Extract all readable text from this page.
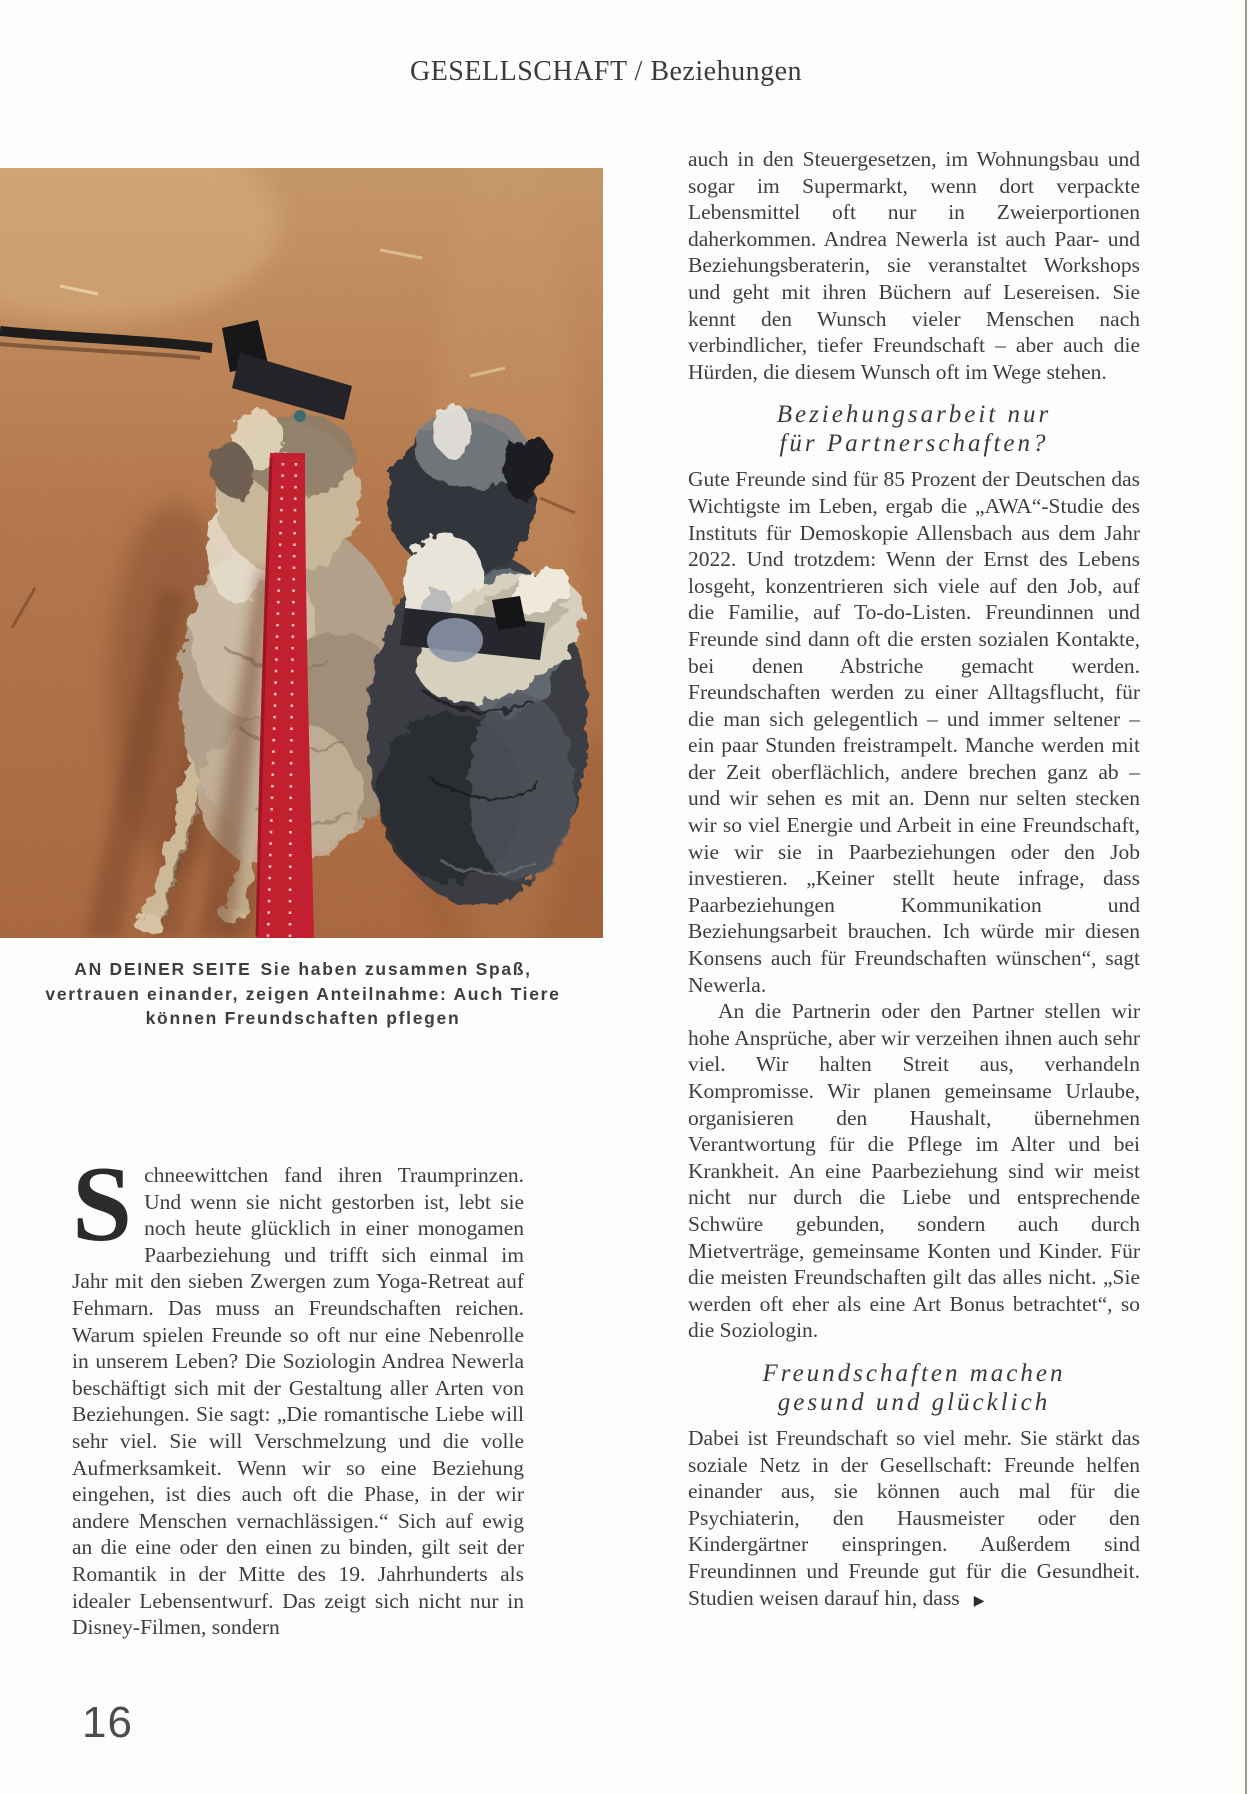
GESELLSCHAFT / Beziehungen
AN DEINER SEITE Sie haben zusammen Spaß, vertrauen einander, zeigen Anteilnahme: Auch Tiere können Freundschaften pflegen

Schneewittchen fand ihren Traumprinzen. Und wenn sie nicht gestorben ist, lebt sie noch heute glücklich in einer monogamen Paarbeziehung und trifft sich einmal im Jahr mit den sieben Zwergen zum Yoga-Retreat auf Fehmarn. Das muss an Freundschaften reichen. Warum spielen Freunde so oft nur eine Nebenrolle in unserem Leben? Die Soziologin Andrea Newerla beschäftigt sich mit der Gestaltung aller Arten von Beziehungen. Sie sagt: „Die romantische Liebe will sehr viel. Sie will Verschmelzung und die volle Aufmerksamkeit. Wenn wir so eine Beziehung eingehen, ist dies auch oft die Phase, in der wir andere Menschen vernachlässigen.“ Sich auf ewig an die eine oder den einen zu binden, gilt seit der Romantik in der Mitte des 19. Jahrhunderts als idealer Lebensentwurf. Das zeigt sich nicht nur in Disney-Filmen, sondern

auch in den Steuergesetzen, im Wohnungsbau und sogar im Supermarkt, wenn dort verpackte Lebensmittel oft nur in Zweierportionen daherkommen. Andrea Newerla ist auch Paar- und Beziehungsberaterin, sie veranstaltet Workshops und geht mit ihren Büchern auf Lesereisen. Sie kennt den Wunsch vieler Menschen nach verbindlicher, tiefer Freundschaft – aber auch die Hürden, die diesem Wunsch oft im Wege stehen.

Beziehungsarbeit nur
für Partnerschaften?

Gute Freunde sind für 85 Prozent der Deutschen das Wichtigste im Leben, ergab die „AWA“-Studie des Instituts für Demoskopie Allensbach aus dem Jahr 2022. Und trotzdem: Wenn der Ernst des Lebens losgeht, konzentrieren sich viele auf den Job, auf die Familie, auf To-do-Listen. Freundinnen und Freunde sind dann oft die ersten sozialen Kontakte, bei denen Abstriche gemacht werden. Freundschaften werden zu einer Alltagsflucht, für die man sich gelegentlich – und immer seltener – ein paar Stunden freistrampelt. Manche werden mit der Zeit oberflächlich, andere brechen ganz ab – und wir sehen es mit an. Denn nur selten stecken wir so viel Energie und Arbeit in eine Freundschaft, wie wir sie in Paarbeziehungen oder den Job investieren. „Keiner stellt heute infrage, dass Paarbeziehungen Kommunikation und Beziehungsarbeit brauchen. Ich würde mir diesen Konsens auch für Freundschaften wünschen“, sagt Newerla.

An die Partnerin oder den Partner stellen wir hohe Ansprüche, aber wir verzeihen ihnen auch sehr viel. Wir halten Streit aus, verhandeln Kompromisse. Wir planen gemeinsame Urlaube, organisieren den Haushalt, übernehmen Verantwortung für die Pflege im Alter und bei Krankheit. An eine Paarbeziehung sind wir meist nicht nur durch die Liebe und entsprechende Schwüre gebunden, sondern auch durch Mietverträge, gemeinsame Konten und Kinder. Für die meisten Freundschaften gilt das alles nicht. „Sie werden oft eher als eine Art Bonus betrachtet“, so die Soziologin.

Freundschaften machen
gesund und glücklich

Dabei ist Freundschaft so viel mehr. Sie stärkt das soziale Netz in der Gesellschaft: Freunde helfen einander aus, sie können auch mal für die Psychiaterin, den Hausmeister oder den Kindergärtner einspringen. Außerdem sind Freundinnen und Freunde gut für die Gesundheit. Studien weisen darauf hin, dass ▶

16
